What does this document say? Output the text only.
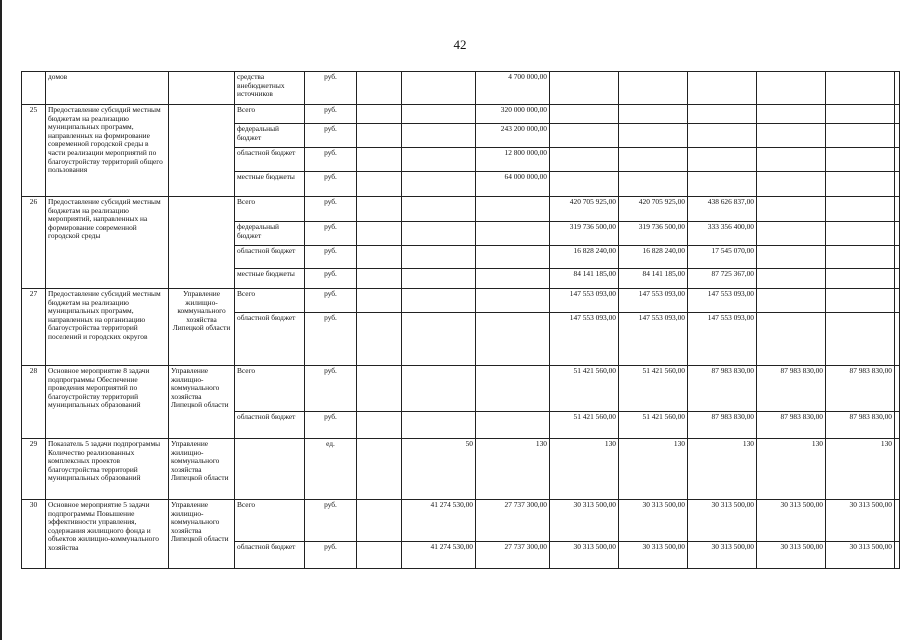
42
	домов		средства внебюджетных источников	руб.			4 700 000,00						
25	Предоставление субсидий местным бюджетам на реализацию муниципальных программ, направленных на формирование современной городской среды в части реализации мероприятий по благоустройству территорий общего пользования		Всего	руб.			320 000 000,00						
			федеральный бюджет	руб.			243 200 000,00						
			областной бюджет	руб.			12 800 000,00						
			местные бюджеты	руб.			64 000 000,00						
26	Предоставление субсидий местным бюджетам на реализацию мероприятий, направленных на формирование современной городской среды		Всего	руб.				420 705 925,00	420 705 925,00	438 626 837,00			
			федеральный бюджет	руб.				319 736 500,00	319 736 500,00	333 356 400,00			
			областной бюджет	руб.				16 828 240,00	16 828 240,00	17 545 070,00			
			местные бюджеты	руб.				84 141 185,00	84 141 185,00	87 725 367,00			
27	Предоставление субсидий местным бюджетам на реализацию муниципальных программ, направленных на организацию благоустройства территорий поселений и городских округов	Управление жилищно-коммунального хозяйства Липецкой области	Всего	руб.				147 553 093,00	147 553 093,00	147 553 093,00			
			областной бюджет	руб.				147 553 093,00	147 553 093,00	147 553 093,00			
28	Основное мероприятие 8 задачи подпрограммы Обеспечение проведения мероприятий по благоустройству территорий муниципальных образований	Управление жилищно-коммунального хозяйства Липецкой области	Всего	руб.				51 421 560,00	51 421 560,00	87 983 830,00	87 983 830,00	87 983 830,00	
			областной бюджет	руб.				51 421 560,00	51 421 560,00	87 983 830,00	87 983 830,00	87 983 830,00	
29	Показатель 5 задачи подпрограммы Количество реализованных комплексных проектов благоустройства территорий муниципальных образований	Управление жилищно-коммунального хозяйства Липецкой области		ед.		50	130	130	130	130	130	130	
30	Основное мероприятие 5 задачи подпрограммы Повышение эффективности управления, содержания жилищного фонда и объектов жилищно-коммунального хозяйства	Управление жилищно-коммунального хозяйства Липецкой области	Всего	руб.		41 274 530,00	27 737 300,00	30 313 500,00	30 313 500,00	30 313 500,00	30 313 500,00	30 313 500,00	
			областной бюджет	руб.		41 274 530,00	27 737 300,00	30 313 500,00	30 313 500,00	30 313 500,00	30 313 500,00	30 313 500,00	
